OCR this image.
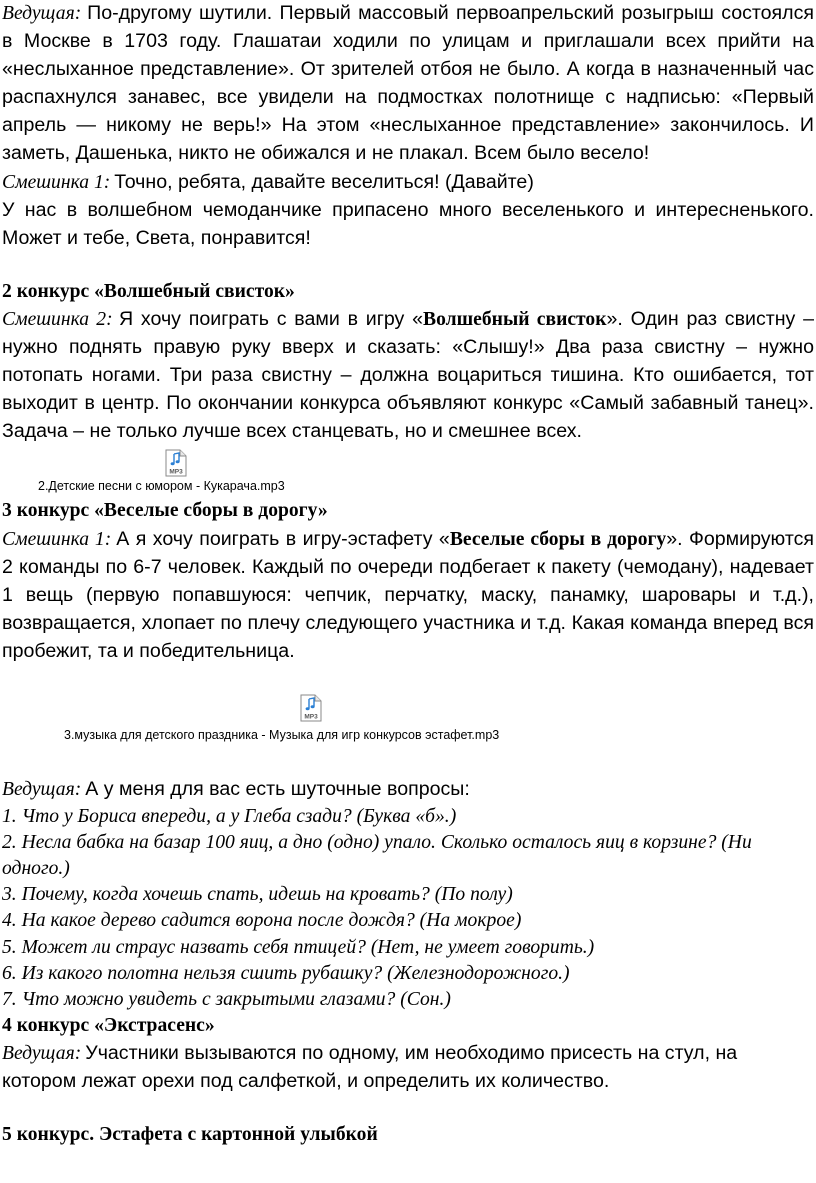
Ведущая: По-другому шутили. Первый массовый первоапрельский розыгрыш состоялся в Москве в 1703 году. Глашатаи ходили по улицам и приглашали всех прийти на «неслыханное представление». От зрителей отбоя не было. А когда в назначенный час распахнулся занавес, все увидели на подмостках полотнище с надписью: «Первый апрель — никому не верь!» На этом «неслыханное представление» закончилось. И заметь, Дашенька, никто не обижался и не плакал. Всем было весело!

Смешинка 1: Точно, ребята, давайте веселиться! (Давайте)

У нас в волшебном чемоданчике припасено много веселенького и интересненького. Может и тебе, Света, понравится!

2 конкурс «Волшебный свисток»

Смешинка 2: Я хочу поиграть с вами в игру «Волшебный свисток». Один раз свистну – нужно поднять правую руку вверх и сказать: «Слышу!» Два раза свистну – нужно потопать ногами. Три раза свистну – должна воцариться тишина. Кто ошибается, тот выходит в центр. По окончании конкурса объявляют конкурс «Самый забавный танец». Задача – не только лучше всех станцевать, но и смешнее всех.

MP3
2.Детские песни с юмором - Кукарача.mp3

3 конкурс «Веселые сборы в дорогу»

Смешинка 1: А я хочу поиграть в игру-эстафету «Веселые сборы в дорогу». Формируются 2 команды по 6-7 человек. Каждый по очереди подбегает к пакету (чемодану), надевает 1 вещь (первую попавшуюся: чепчик, перчатку, маску, панамку, шаровары и т.д.), возвращается, хлопает по плечу следующего участника и т.д. Какая команда вперед вся пробежит, та и победительница.

MP3
3.музыка для детского праздника - Музыка для игр конкурсов эстафет.mp3

Ведущая: А у меня для вас есть шуточные вопросы:

1. Что у Бориса впереди, а у Глеба сзади? (Буква «б».)

2. Несла бабка на базар 100 яиц, а дно (одно) упало. Сколько осталось яиц в корзине? (Ни одного.)

3. Почему, когда хочешь спать, идешь на кровать? (По полу)

4. На какое дерево садится ворона после дождя? (На мокрое)

5. Может ли страус назвать себя птицей? (Нет, не умеет говорить.)

6. Из какого полотна нельзя сшить рубашку? (Железнодорожного.)

7. Что можно увидеть с закрытыми глазами? (Сон.)

4 конкурс «Экстрасенс»

Ведущая: Участники вызываются по одному, им необходимо присесть на стул, на котором лежат орехи под салфеткой, и определить их количество.

5 конкурс. Эстафета с картонной улыбкой
